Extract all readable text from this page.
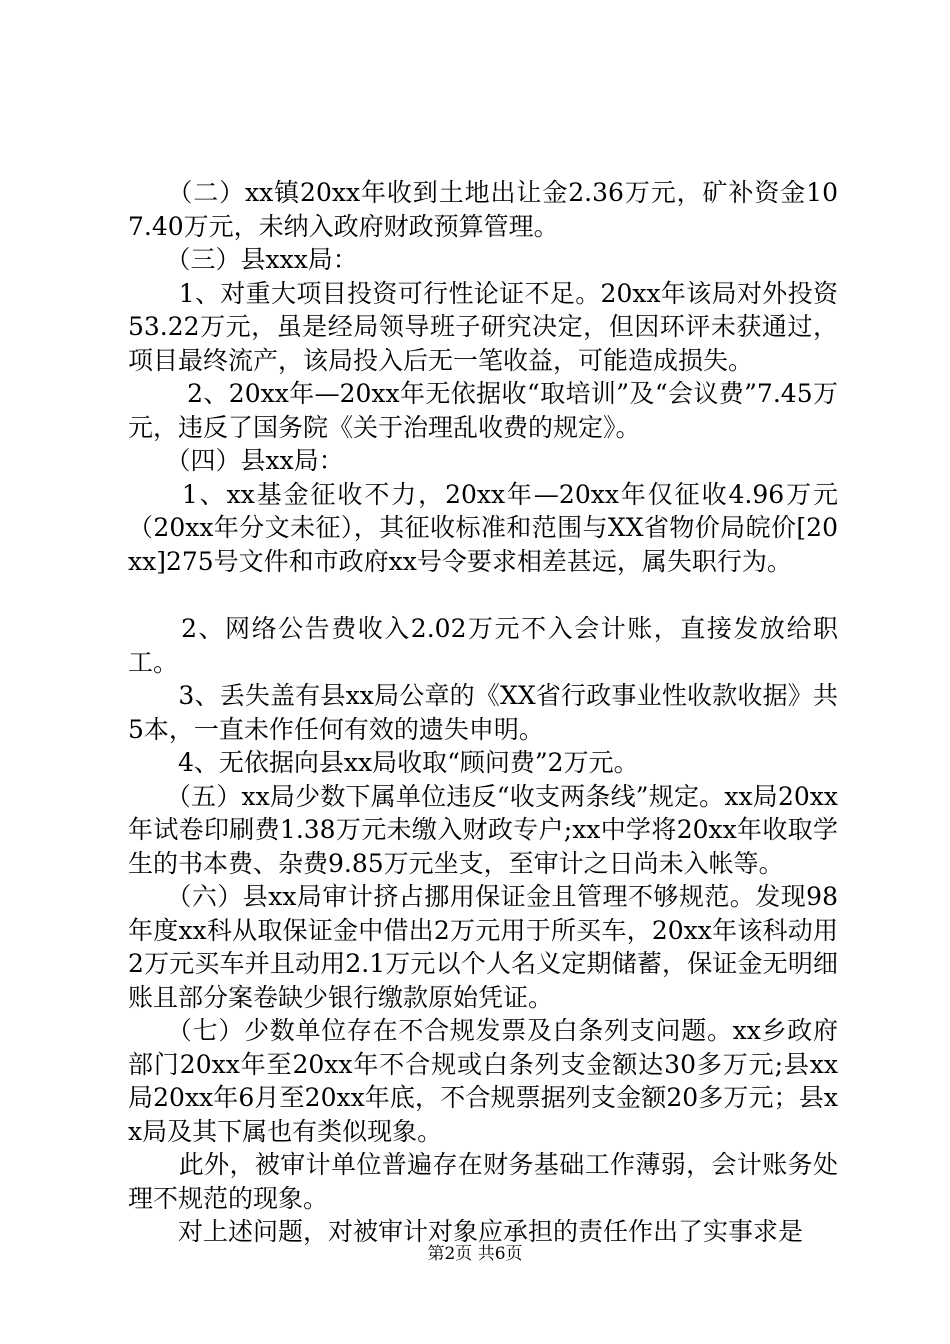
　　（二）xx镇20xx年收到土地出让金2.36万元，矿补资金107.40万元，未纳入政府财政预算管理。

　　（三）县xxx局：

　　1、对重大项目投资可行性论证不足。20xx年该局对外投资53.22万元，虽是经局领导班子研究决定，但因环评未获通过，项目最终流产，该局投入后无一笔收益，可能造成损失。

　　 2、20xx年—20xx年无依据收“取培训”及“会议费”7.45万元，违反了国务院《关于治理乱收费的规定》。

　　（四）县xx局：

　　1、xx基金征收不力，20xx年—20xx年仅征收4.96万元（20xx年分文未征），其征收标准和范围与XX省物价局皖价[20xx]275号文件和市政府xx号令要求相差甚远，属失职行为。

　　2、网络公告费收入2.02万元不入会计账，直接发放给职工。

　　3、丢失盖有县xx局公章的《XX省行政事业性收款收据》共5本，一直未作任何有效的遗失申明。

　　4、无依据向县xx局收取“顾问费”2万元。

　　（五）xx局少数下属单位违反“收支两条线”规定。xx局20xx年试卷印刷费1.38万元未缴入财政专户;xx中学将20xx年收取学生的书本费、杂费9.85万元坐支，至审计之日尚未入帐等。

　　（六）县xx局审计挤占挪用保证金且管理不够规范。发现98年度xx科从取保证金中借出2万元用于所买车，20xx年该科动用2万元买车并且动用2.1万元以个人名义定期储蓄，保证金无明细账且部分案卷缺少银行缴款原始凭证。

　　（七）少数单位存在不合规发票及白条列支问题。xx乡政府部门20xx年至20xx年不合规或白条列支金额达30多万元;县xx局20xx年6月至20xx年底，不合规票据列支金额20多万元；县xx局及其下属也有类似现象。

　　此外，被审计单位普遍存在财务基础工作薄弱，会计账务处理不规范的现象。

　　对上述问题，对被审计对象应承担的责任作出了实事求是

第2页 共6页
